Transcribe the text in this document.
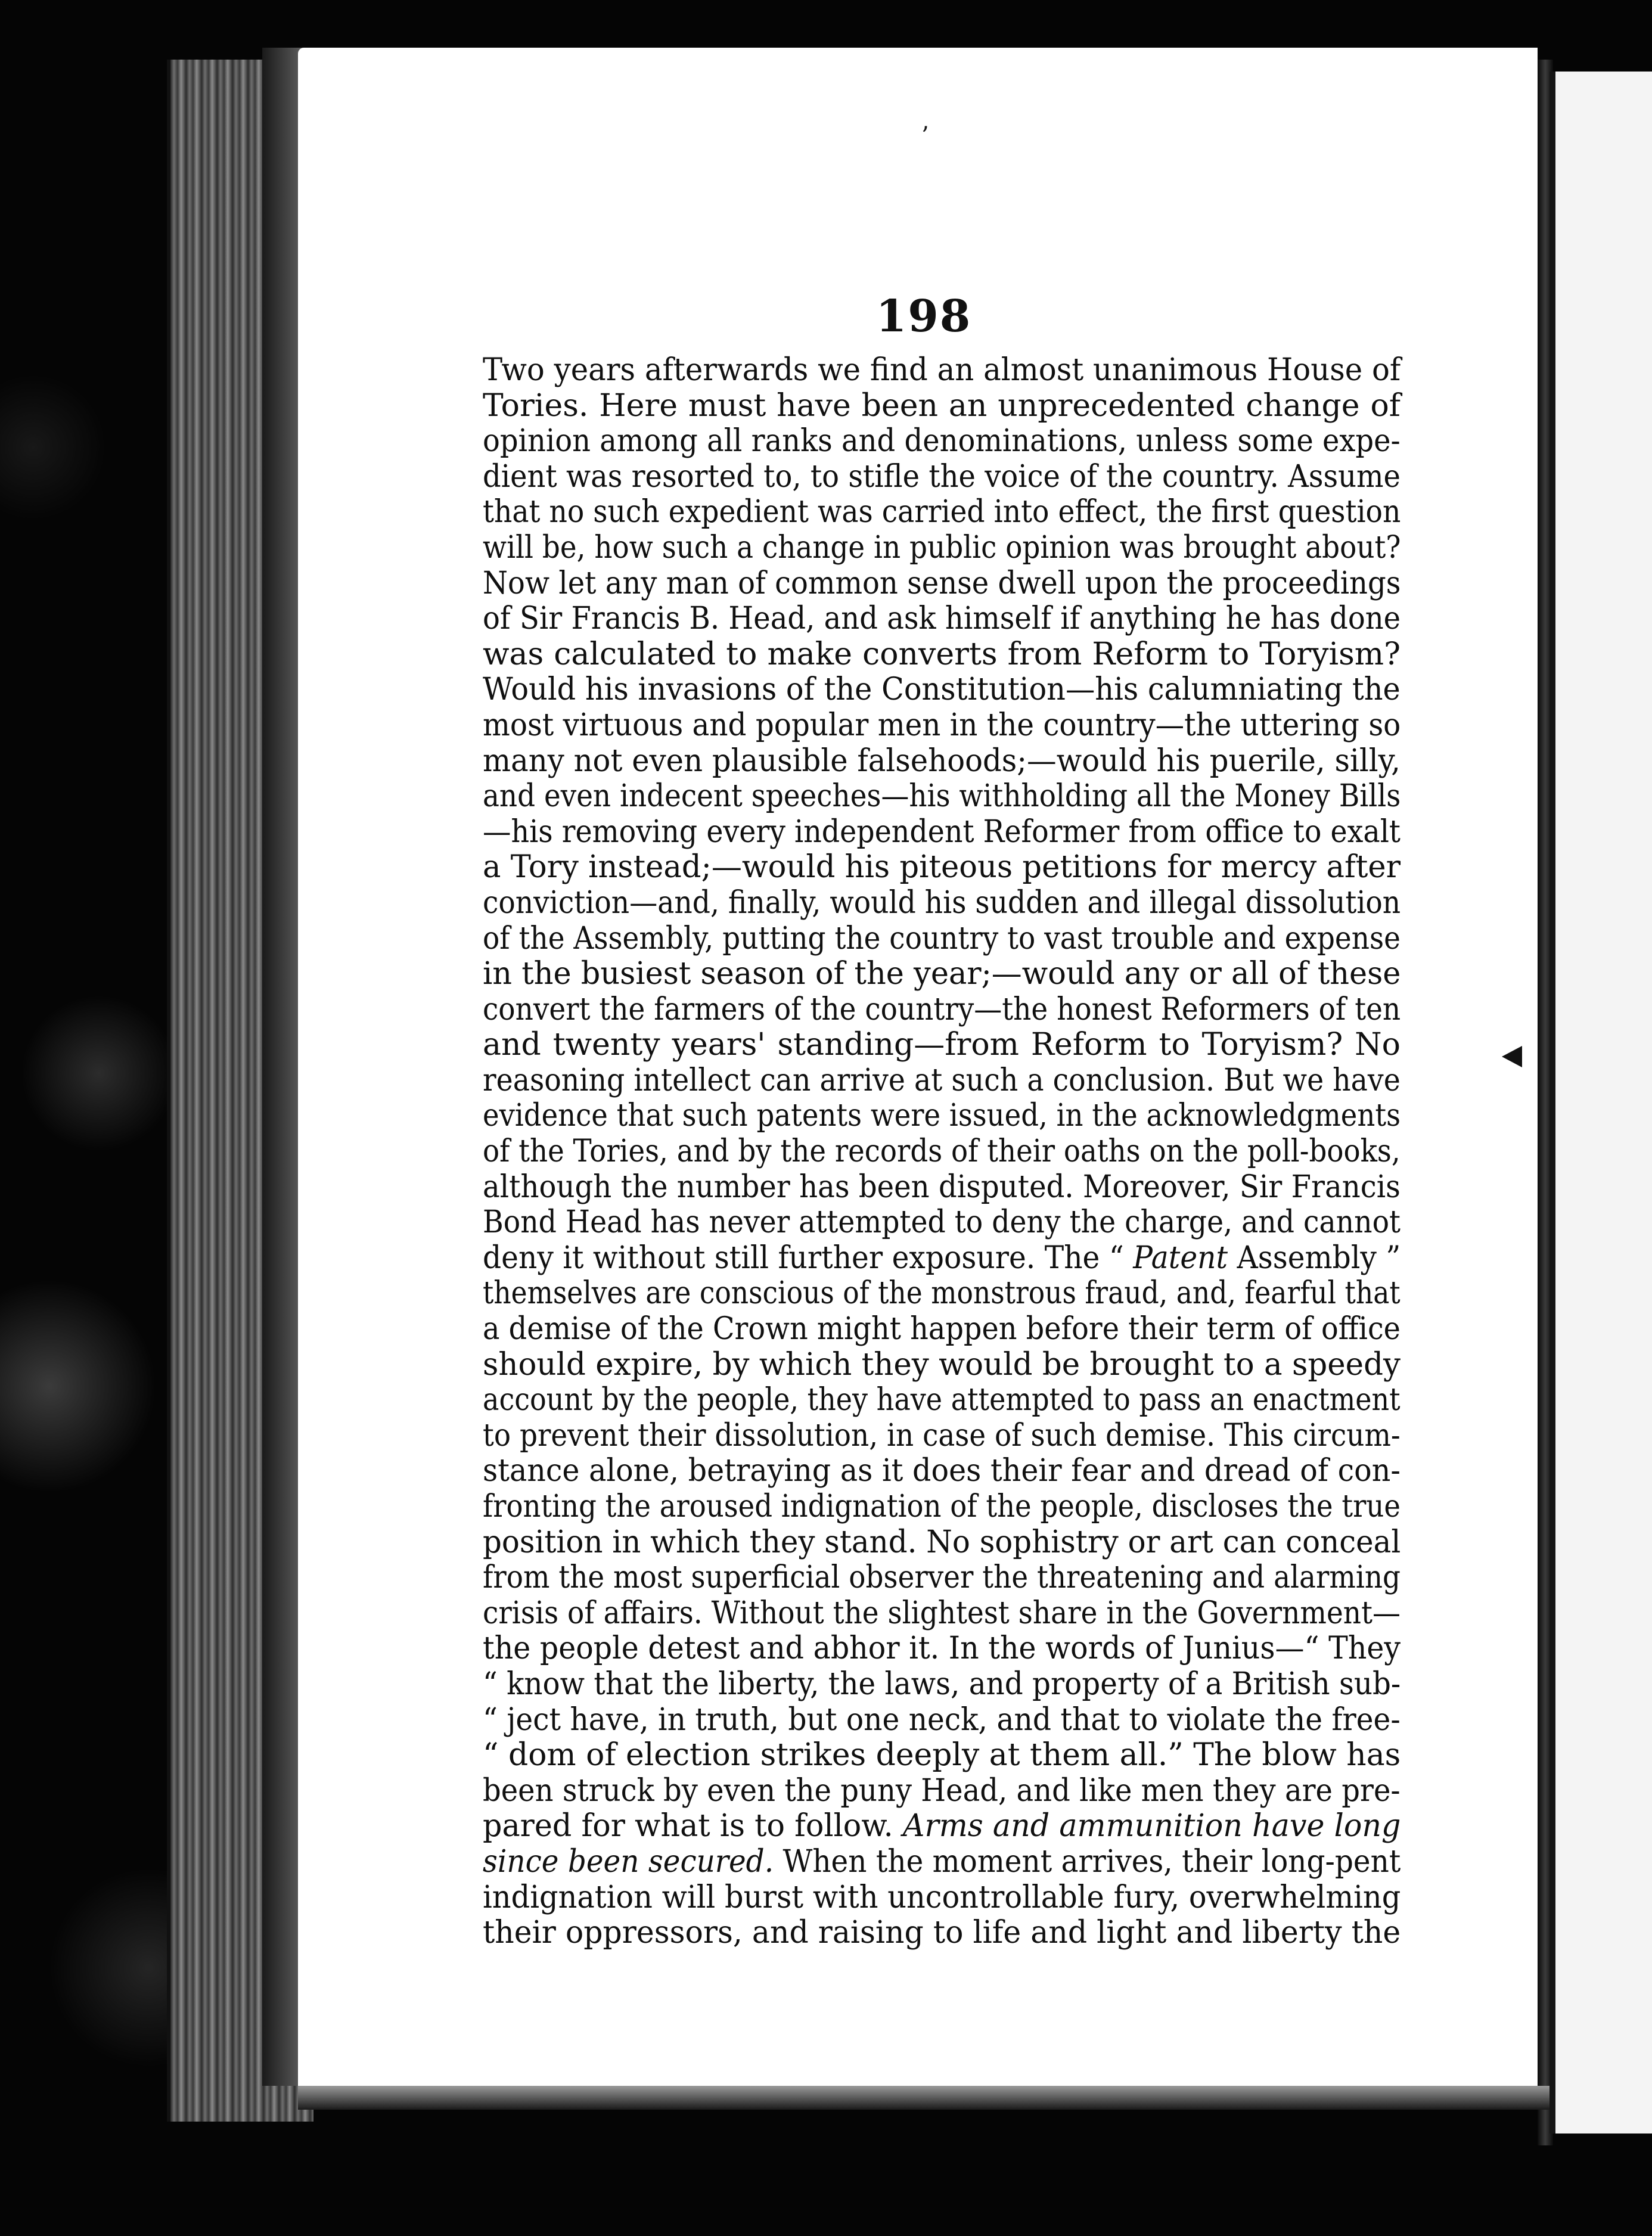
’
198
Two years afterwards we find an almost unanimous House of
Tories. Here must have been an unprecedented change of
opinion among all ranks and denominations, unless some expe-
dient was resorted to, to stifle the voice of the country. Assume
that no such expedient was carried into effect, the first question
will be, how such a change in public opinion was brought about?
Now let any man of common sense dwell upon the proceedings
of Sir Francis B. Head, and ask himself if anything he has done
was calculated to make converts from Reform to Toryism?
Would his invasions of the Constitution—his calumniating the
most virtuous and popular men in the country—the uttering so
many not even plausible falsehoods;—would his puerile, silly,
and even indecent speeches—his withholding all the Money Bills
—his removing every independent Reformer from office to exalt
a Tory instead;—would his piteous petitions for mercy after
conviction—and, finally, would his sudden and illegal dissolution
of the Assembly, putting the country to vast trouble and expense
in the busiest season of the year;—would any or all of these
convert the farmers of the country—the honest Reformers of ten
and twenty years' standing—from Reform to Toryism? No
reasoning intellect can arrive at such a conclusion. But we have
evidence that such patents were issued, in the acknowledgments
of the Tories, and by the records of their oaths on the poll-books,
although the number has been disputed. Moreover, Sir Francis
Bond Head has never attempted to deny the charge, and cannot
deny it without still further exposure. The “ Patent Assembly ”
themselves are conscious of the monstrous fraud, and, fearful that
a demise of the Crown might happen before their term of office
should expire, by which they would be brought to a speedy
account by the people, they have attempted to pass an enactment
to prevent their dissolution, in case of such demise. This circum-
stance alone, betraying as it does their fear and dread of con-
fronting the aroused indignation of the people, discloses the true
position in which they stand. No sophistry or art can conceal
from the most superficial observer the threatening and alarming
crisis of affairs. Without the slightest share in the Government—
the people detest and abhor it. In the words of Junius—“ They
“ know that the liberty, the laws, and property of a British sub-
“ ject have, in truth, but one neck, and that to violate the free-
“ dom of election strikes deeply at them all.” The blow has
been struck by even the puny Head, and like men they are pre-
pared for what is to follow. Arms and ammunition have long
since been secured. When the moment arrives, their long-pent
indignation will burst with uncontrollable fury, overwhelming
their oppressors, and raising to life and light and liberty the
